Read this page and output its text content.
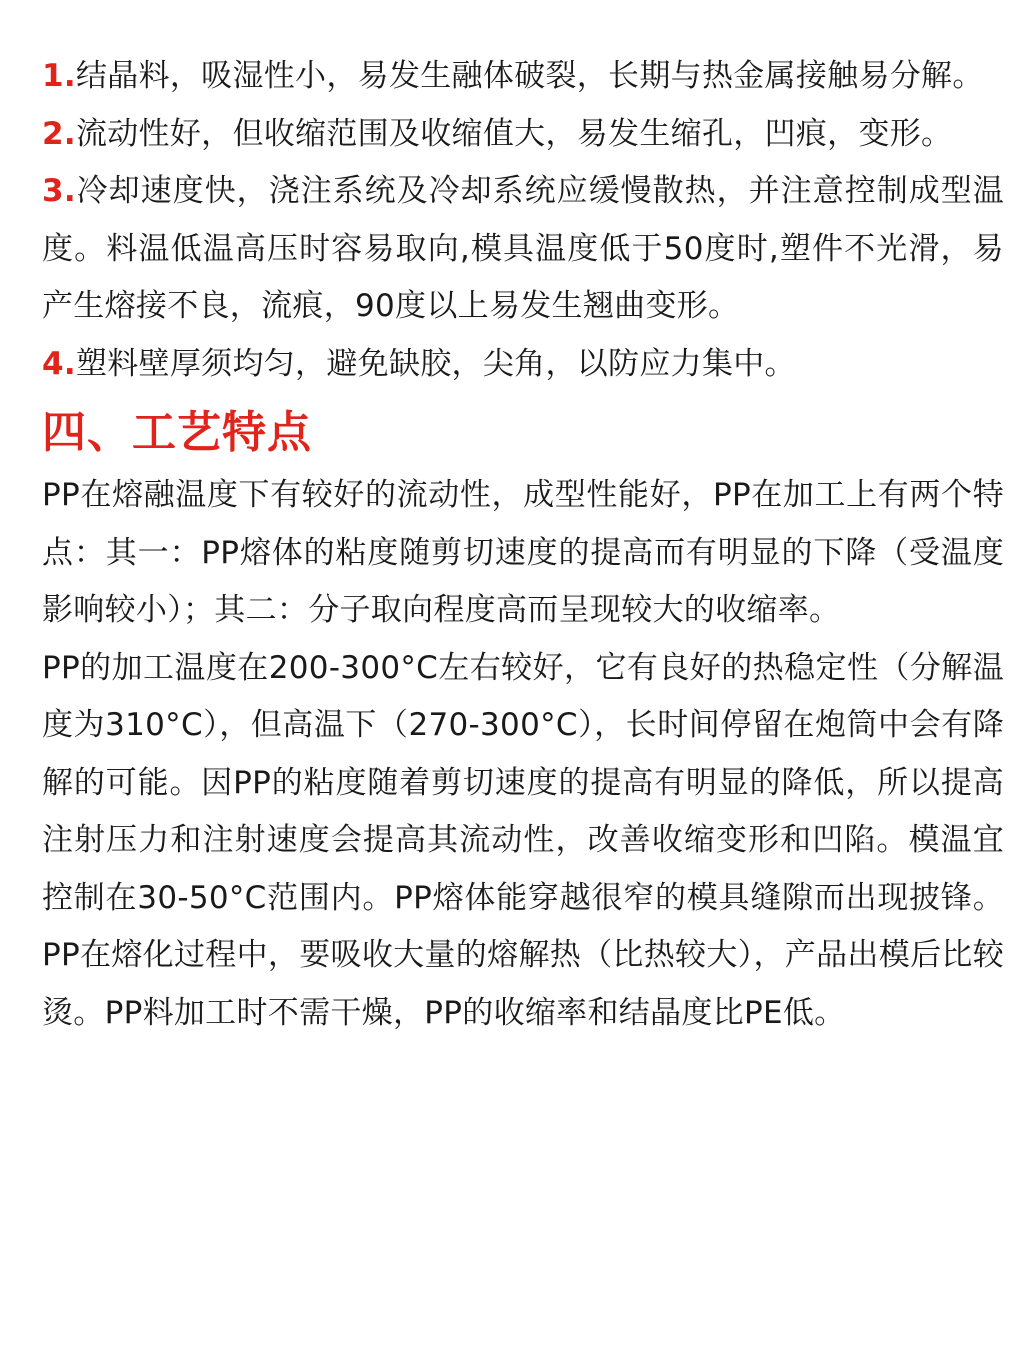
1.结晶料，吸湿性小，易发生融体破裂，长期与热金属接触易分解。

2.流动性好，但收缩范围及收缩值大，易发生缩孔，凹痕，变形。

3.冷却速度快，浇注系统及冷却系统应缓慢散热，并注意控制成型温度。料温低温高压时容易取向,模具温度低于50度时,塑件不光滑，易产生熔接不良，流痕，90度以上易发生翘曲变形。

4.塑料壁厚须均匀，避免缺胶，尖角，以防应力集中。

四、工艺特点

PP在熔融温度下有较好的流动性，成型性能好，PP在加工上有两个特点：其一：PP熔体的粘度随剪切速度的提高而有明显的下降（受温度影响较小）；其二：分子取向程度高而呈现较大的收缩率。

PP的加工温度在200-300°C左右较好，它有良好的热稳定性（分解温度为310°C），但高温下（270-300°C），长时间停留在炮筒中会有降解的可能。因PP的粘度随着剪切速度的提高有明显的降低，所以提高注射压力和注射速度会提高其流动性，改善收缩变形和凹陷。模温宜控制在30-50°C范围内。PP熔体能穿越很窄的模具缝隙而出现披锋。PP在熔化过程中，要吸收大量的熔解热（比热较大），产品出模后比较烫。PP料加工时不需干燥，PP的收缩率和结晶度比PE低。
